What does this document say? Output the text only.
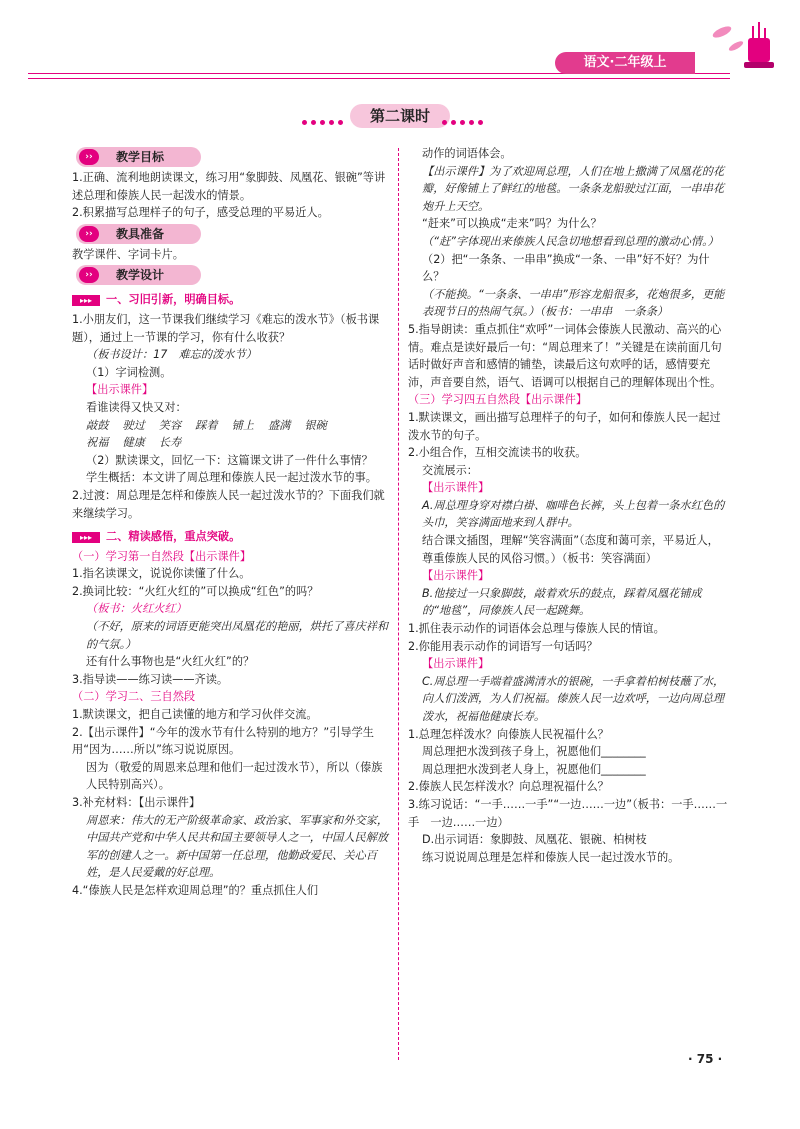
语文·二年级上
第二课时
››	教学目标

1.正确、流利地朗读课文，练习用“象脚鼓、凤凰花、银碗”等讲述总理和傣族人民一起泼水的情景。

2.积累描写总理样子的句子，感受总理的平易近人。

››	教具准备

教学课件、字词卡片。

››	教学设计

▸▸▸ 一、习旧引新，明确目标。

1.小朋友们，这一节课我们继续学习《难忘的泼水节》（板书课题），通过上一节课的学习，你有什么收获？

（板书设计：17　难忘的泼水节）

（1）字词检测。

【出示课件】

看谁读得又快又对：

敲鼓 驶过 笑容 踩着 铺上 盛满 银碗

祝福 健康 长寿

（2）默读课文，回忆一下：这篇课文讲了一件什么事情？

学生概括：本文讲了周总理和傣族人民一起过泼水节的事。

2.过渡：周总理是怎样和傣族人民一起过泼水节的？下面我们就来继续学习。

▸▸▸ 二、精读感悟，重点突破。

（一）学习第一自然段【出示课件】

1.指名读课文，说说你读懂了什么。

2.换词比较：“火红火红的”可以换成“红色”的吗？

（板书：火红火红）

（不好，原来的词语更能突出凤凰花的艳丽，烘托了喜庆祥和的气氛。）

还有什么事物也是“火红火红”的？

3.指导读——练习读——齐读。

（二）学习二、三自然段

1.默读课文，把自己读懂的地方和学习伙伴交流。

2.【出示课件】“今年的泼水节有什么特别的地方？”引导学生用“因为……所以”练习说说原因。

因为（敬爱的周恩来总理和他们一起过泼水节），所以（傣族人民特别高兴）。

3.补充材料：【出示课件】

周恩来：伟大的无产阶级革命家、政治家、军事家和外交家，中国共产党和中华人民共和国主要领导人之一，中国人民解放军的创建人之一。新中国第一任总理，他勤政爱民、关心百姓，是人民爱戴的好总理。

4.“傣族人民是怎样欢迎周总理”的？重点抓住人们

动作的词语体会。

【出示课件】为了欢迎周总理，人们在地上撒满了凤凰花的花瓣，好像铺上了鲜红的地毯。一条条龙船驶过江面，一串串花炮升上天空。

“赶来”可以换成“走来”吗？为什么？

（“赶”字体现出来傣族人民急切地想看到总理的激动心情。）

（2）把“一条条、一串串”换成“一条、一串”好不好？为什么？

（不能换。“一条条、一串串”形容龙船很多，花炮很多，更能表现节日的热闹气氛。）（板书：一串串　一条条）

5.指导朗读：重点抓住“欢呼”一词体会傣族人民激动、高兴的心情。难点是读好最后一句：“周总理来了！”关键是在读前面几句话时做好声音和感情的铺垫，读最后这句欢呼的话，感情要充沛，声音要自然，语气、语调可以根据自己的理解体现出个性。

（三）学习四五自然段【出示课件】

1.默读课文，画出描写总理样子的句子，如何和傣族人民一起过泼水节的句子。

2.小组合作，互相交流读书的收获。

交流展示：

【出示课件】

A.周总理身穿对襟白褂、咖啡色长裤，头上包着一条水红色的头巾，笑容满面地来到人群中。

结合课文插图，理解“笑容满面”（态度和蔼可亲，平易近人，尊重傣族人民的风俗习惯。）（板书：笑容满面）

【出示课件】

B.他接过一只象脚鼓，敲着欢乐的鼓点，踩着凤凰花铺成的“地毯”，同傣族人民一起跳舞。

1.抓住表示动作的词语体会总理与傣族人民的情谊。

2.你能用表示动作的词语写一句话吗？

【出示课件】

C.周总理一手端着盛满清水的银碗，一手拿着柏树枝蘸了水，向人们泼洒，为人们祝福。傣族人民一边欢呼，一边向周总理泼水，祝福他健康长寿。

1.总理怎样泼水？向傣族人民祝福什么？

周总理把水泼到孩子身上，祝愿他们________

周总理把水泼到老人身上，祝愿他们________

2.傣族人民怎样泼水？向总理祝福什么？

3.练习说话：“一手……一手”“一边……一边”（板书：一手……一手　一边……一边）

D.出示词语：象脚鼓、凤凰花、银碗、柏树枝

练习说说周总理是怎样和傣族人民一起过泼水节的。

· 75 ·
